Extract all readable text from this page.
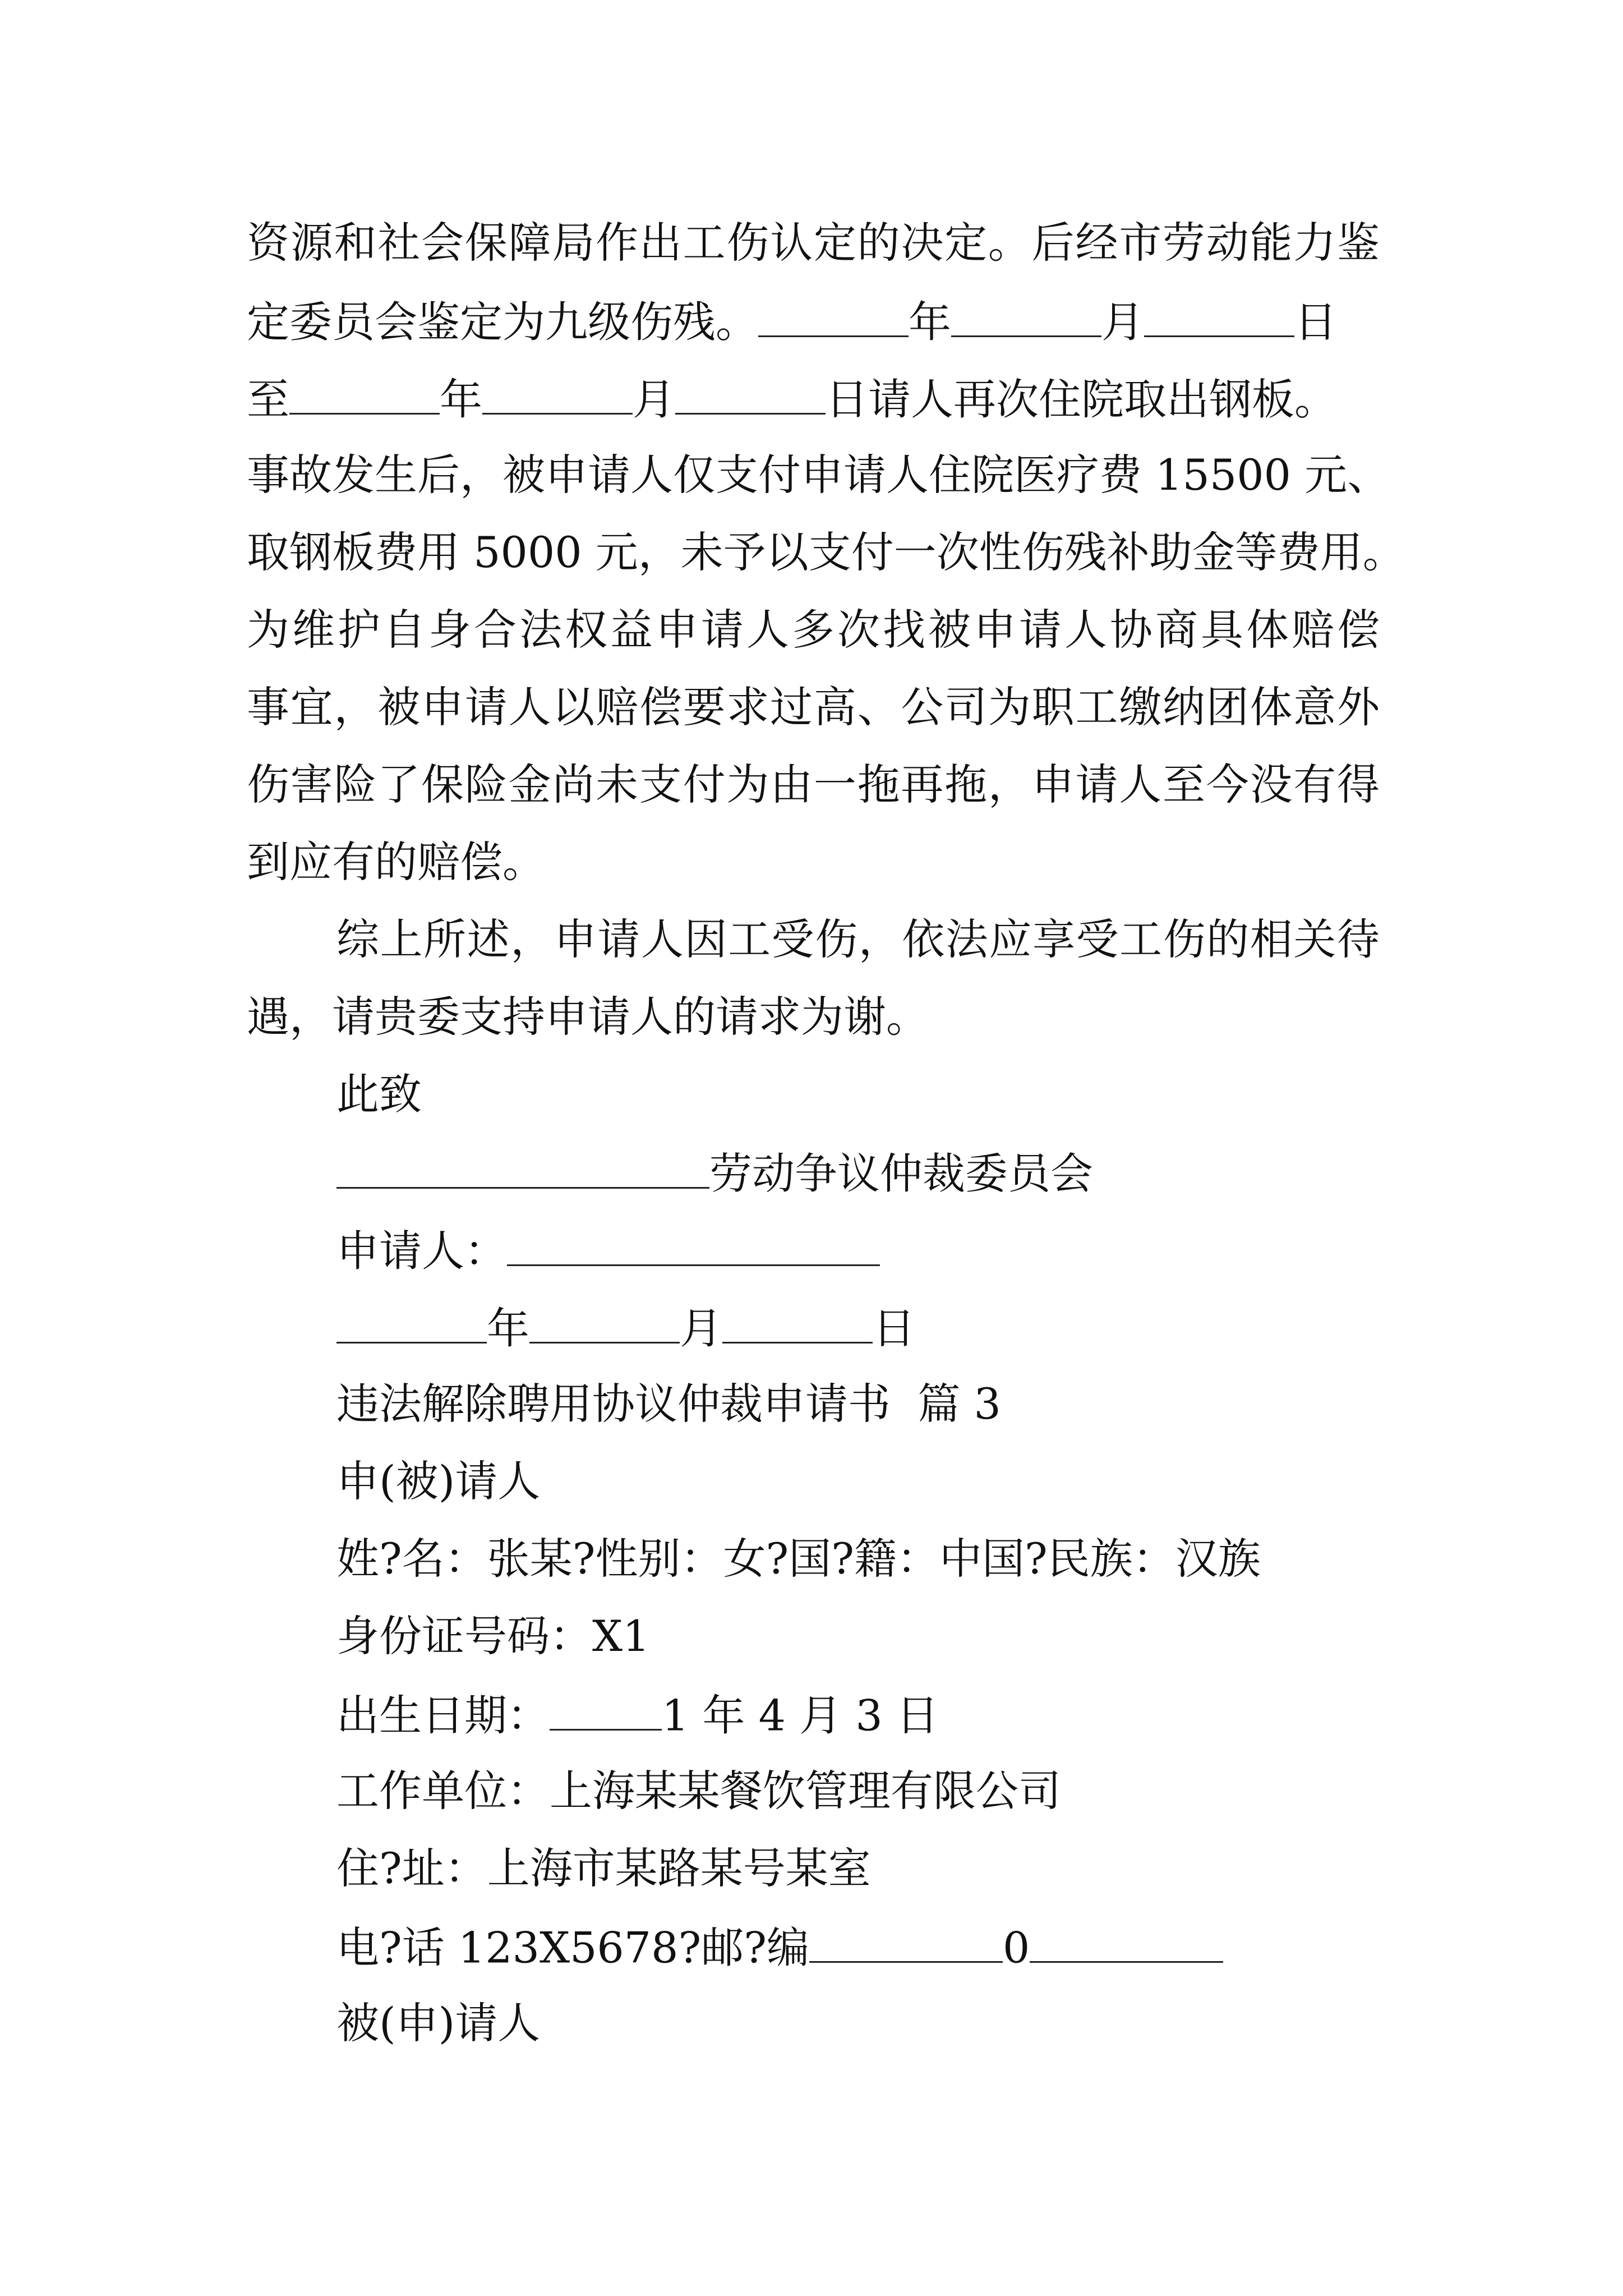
资源和社会保障局作出工伤认定的决定。后经市劳动能力鉴
定委员会鉴定为九级伤残。	年	月	日
至	年	月	日请人再次住院取出钢板。
事故发生后，被申请人仅支付申请人住院医疗费 15500 元、
取钢板费用 5000 元，未予以支付一次性伤残补助金等费用。
为维护自身合法权益申请人多次找被申请人协商具体赔偿
事宜，被申请人以赔偿要求过高、公司为职工缴纳团体意外
伤害险了保险金尚未支付为由一拖再拖，申请人至今没有得
到应有的赔偿。
综上所述，申请人因工受伤，依法应享受工伤的相关待
遇，请贵委支持申请人的请求为谢。
此致
劳动争议仲裁委员会
申请人：
年	月	日
违法解除聘用协议仲裁申请书  篇 3
申(被)请人
姓?名：张某?性别：女?国?籍：中国?民族：汉族
身份证号码：X1
出生日期：	1 年 4 月 3 日
工作单位：上海某某餐饮管理有限公司
住?址：上海市某路某号某室
电?话 123X5678?邮?编	0
被(申)请人
